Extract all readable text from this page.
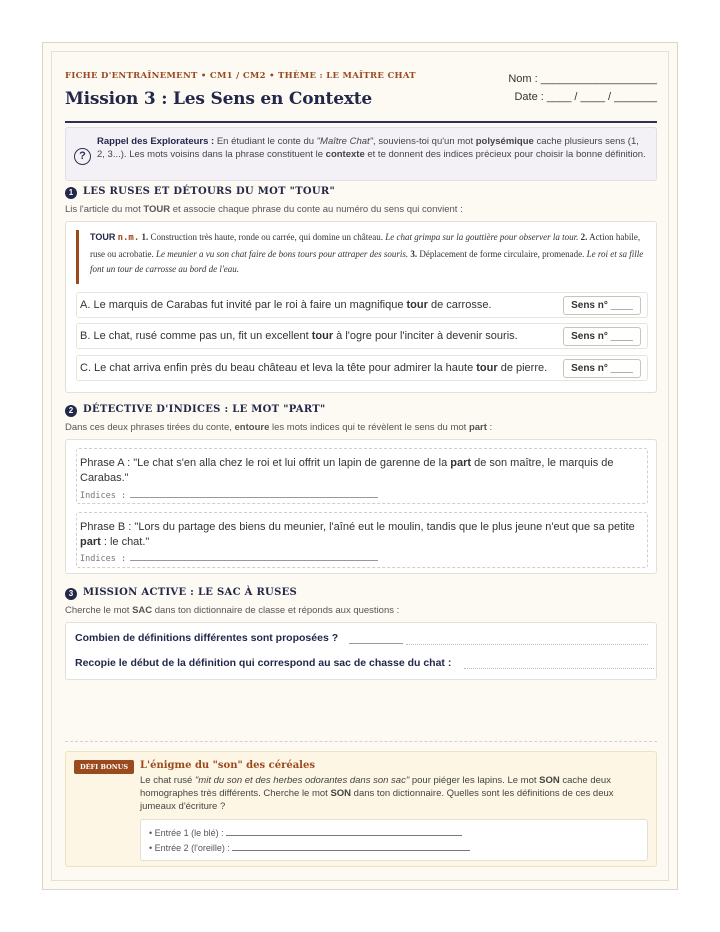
FICHE D'ENTRAÎNEMENT • CM1 / CM2 • THÈME : LE MAÎTRE CHAT
Mission 3 : Les Sens en Contexte
Nom : ___________________
Date : ____ / ____ / _______
?
Rappel des Explorateurs : En étudiant le conte du "Maître Chat", souviens-toi qu'un mot polysémique cache plusieurs sens (1, 2, 3...). Les mots voisins dans la phrase constituent le contexte et te donnent des indices précieux pour choisir la bonne définition.
1 LES RUSES ET DÉTOURS DU MOT "TOUR"
Lis l'article du mot TOUR et associe chaque phrase du conte au numéro du sens qui convient :
TOUR n.m. 1. Construction très haute, ronde ou carrée, qui domine un château. Le chat grimpa sur la gouttière pour observer la tour. 2. Action habile, ruse ou acrobatie. Le meunier a vu son chat faire de bons tours pour attraper des souris. 3. Déplacement de forme circulaire, promenade. Le roi et sa fille font un tour de carrosse au bord de l'eau.
A. Le marquis de Carabas fut invité par le roi à faire un magnifique tour de carrosse.	Sens n° ____
B. Le chat, rusé comme pas un, fit un excellent tour à l'ogre pour l'inciter à devenir souris.	Sens n° ____
C. Le chat arriva enfin près du beau château et leva la tête pour admirer la haute tour de pierre.	Sens n° ____
2 DÉTECTIVE D'INDICES : LE MOT "PART"
Dans ces deux phrases tirées du conte, entoure les mots indices qui te révèlent le sens du mot part :
Phrase A : "Le chat s'en alla chez le roi et lui offrit un lapin de garenne de la part de son maître, le marquis de Carabas."
Indices :
Phrase B : "Lors du partage des biens du meunier, l'aîné eut le moulin, tandis que le plus jeune n'eut que sa petite part : le chat."
Indices :
3 MISSION ACTIVE : LE SAC À RUSES
Cherche le mot SAC dans ton dictionnaire de classe et réponds aux questions :
Combien de définitions différentes sont proposées ?
Recopie le début de la définition qui correspond au sac de chasse du chat :
DÉFI BONUS	L'énigme du "son" des céréales
Le chat rusé "mit du son et des herbes odorantes dans son sac" pour piéger les lapins. Le mot SON cache deux homographes très différents. Cherche le mot SON dans ton dictionnaire. Quelles sont les définitions de ces deux jumeaux d'écriture ?
• Entrée 1 (le blé) :
• Entrée 2 (l'oreille) :
